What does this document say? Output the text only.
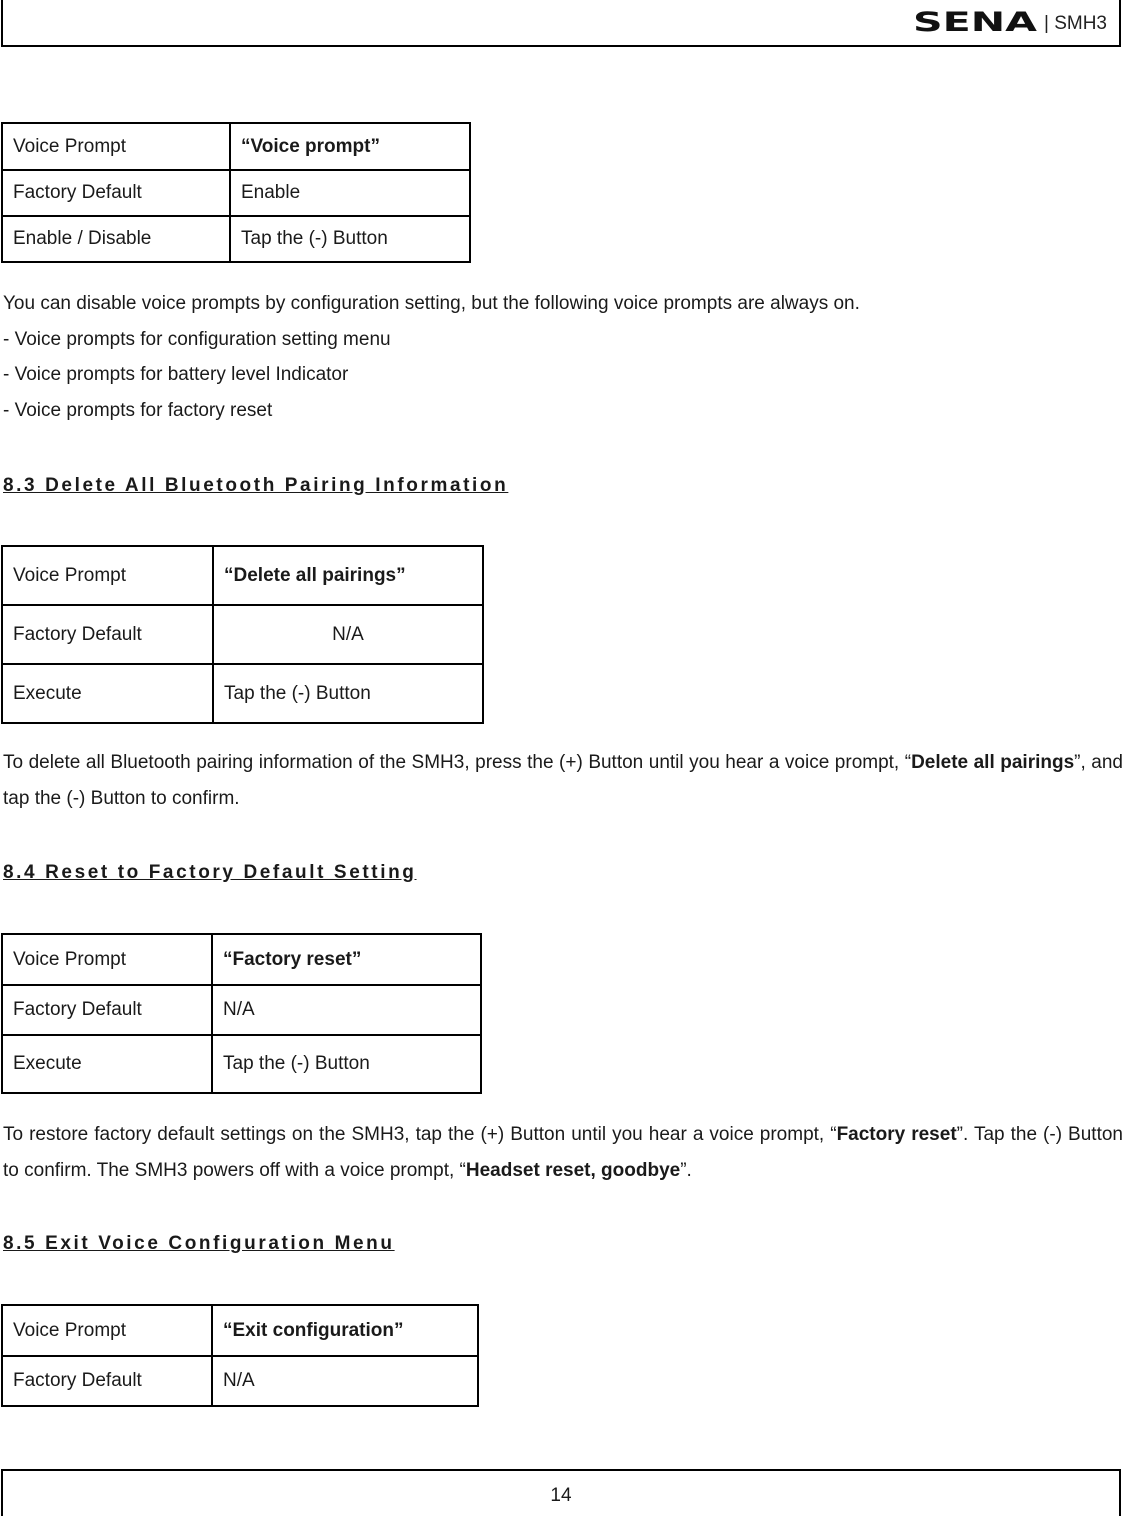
SENA | SMH3
Voice Prompt	“Voice prompt”
Factory Default	Enable
Enable / Disable	Tap the (-) Button

You can disable voice prompts by configuration setting, but the following voice prompts are always on.

- Voice prompts for configuration setting menu

- Voice prompts for battery level Indicator

- Voice prompts for factory reset

8.3 Delete All Bluetooth Pairing Information
Voice Prompt	“Delete all pairings”
Factory Default	N/A
Execute	Tap the (-) Button

To delete all Bluetooth pairing information of the SMH3, press the (+) Button until you hear a voice prompt, “Delete all pairings”, and tap the (-) Button to confirm.

8.4 Reset to Factory Default Setting
Voice Prompt	“Factory reset”
Factory Default	N/A
Execute	Tap the (-) Button

To restore factory default settings on the SMH3, tap the (+) Button until you hear a voice prompt, “Factory reset”. Tap the (-) Button to confirm. The SMH3 powers off with a voice prompt, “Headset reset, goodbye”.

8.5 Exit Voice Configuration Menu
Voice Prompt	“Exit configuration”
Factory Default	N/A
14
